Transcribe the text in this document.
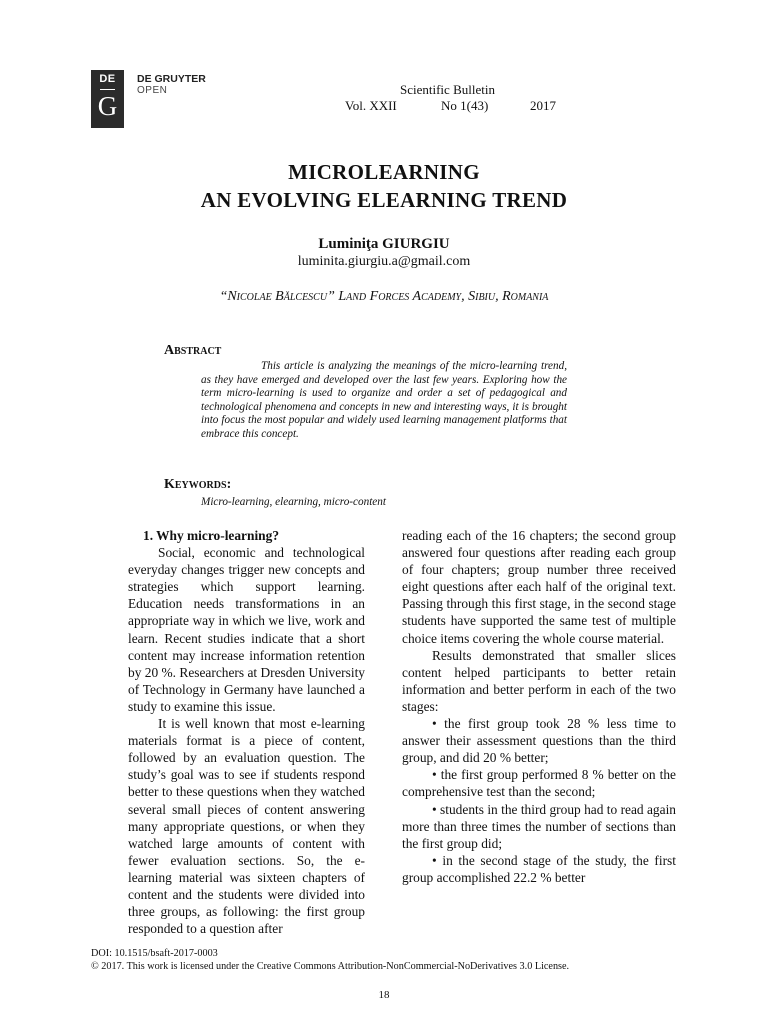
DE
G
DE GRUYTER
OPEN	Scientific Bulletin
Vol. XXII	No 1(43)	2017
MICROLEARNING
AN EVOLVING ELEARNING TREND
Luminiţa GIURGIU
luminita.giurgiu.a@gmail.com
“Nicolae Bălcescu” Land Forces Academy, Sibiu, Romania
Abstract
This article is analyzing the meanings of the micro-learning trend, as they have emerged and developed over the last few years. Exploring how the term micro-learning is used to organize and order a set of pedagogical and technological phenomena and concepts in new and interesting ways, it is brought into focus the most popular and widely used learning management platforms that embrace this concept.
Keywords:
Micro-learning, elearning, micro-content

1. Why micro-learning?

Social, economic and technological everyday changes trigger new concepts and strategies which support learning. Education needs transformations in an appropriate way in which we live, work and learn. Recent studies indicate that a short content may increase information retention by 20 %. Researchers at Dresden University of Technology in Germany have launched a study to examine this issue.

It is well known that most e-learning materials format is a piece of content, followed by an evaluation question. The study’s goal was to see if students respond better to these questions when they watched several small pieces of content answering many appropriate questions, or when they watched large amounts of content with fewer evaluation sections. So, the e-learning material was sixteen chapters of content and the students were divided into three groups, as following: the first group responded to a question after

reading each of the 16 chapters; the second group answered four questions after reading each group of four chapters; group number three received eight questions after each half of the original text. Passing through this first stage, in the second stage students have supported the same test of multiple choice items covering the whole course material.

Results demonstrated that smaller slices content helped participants to better retain information and better perform in each of the two stages:

• the first group took 28 % less time to answer their assessment questions than the third group, and did 20 % better;

• the first group performed 8 % better on the comprehensive test than the second;

• students in the third group had to read again more than three times the number of sections than the first group did;

• in the second stage of the study, the first group accomplished 22.2 % better

DOI: 10.1515/bsaft-2017-0003
© 2017. This work is licensed under the Creative Commons Attribution-NonCommercial-NoDerivatives 3.0 License.
18
